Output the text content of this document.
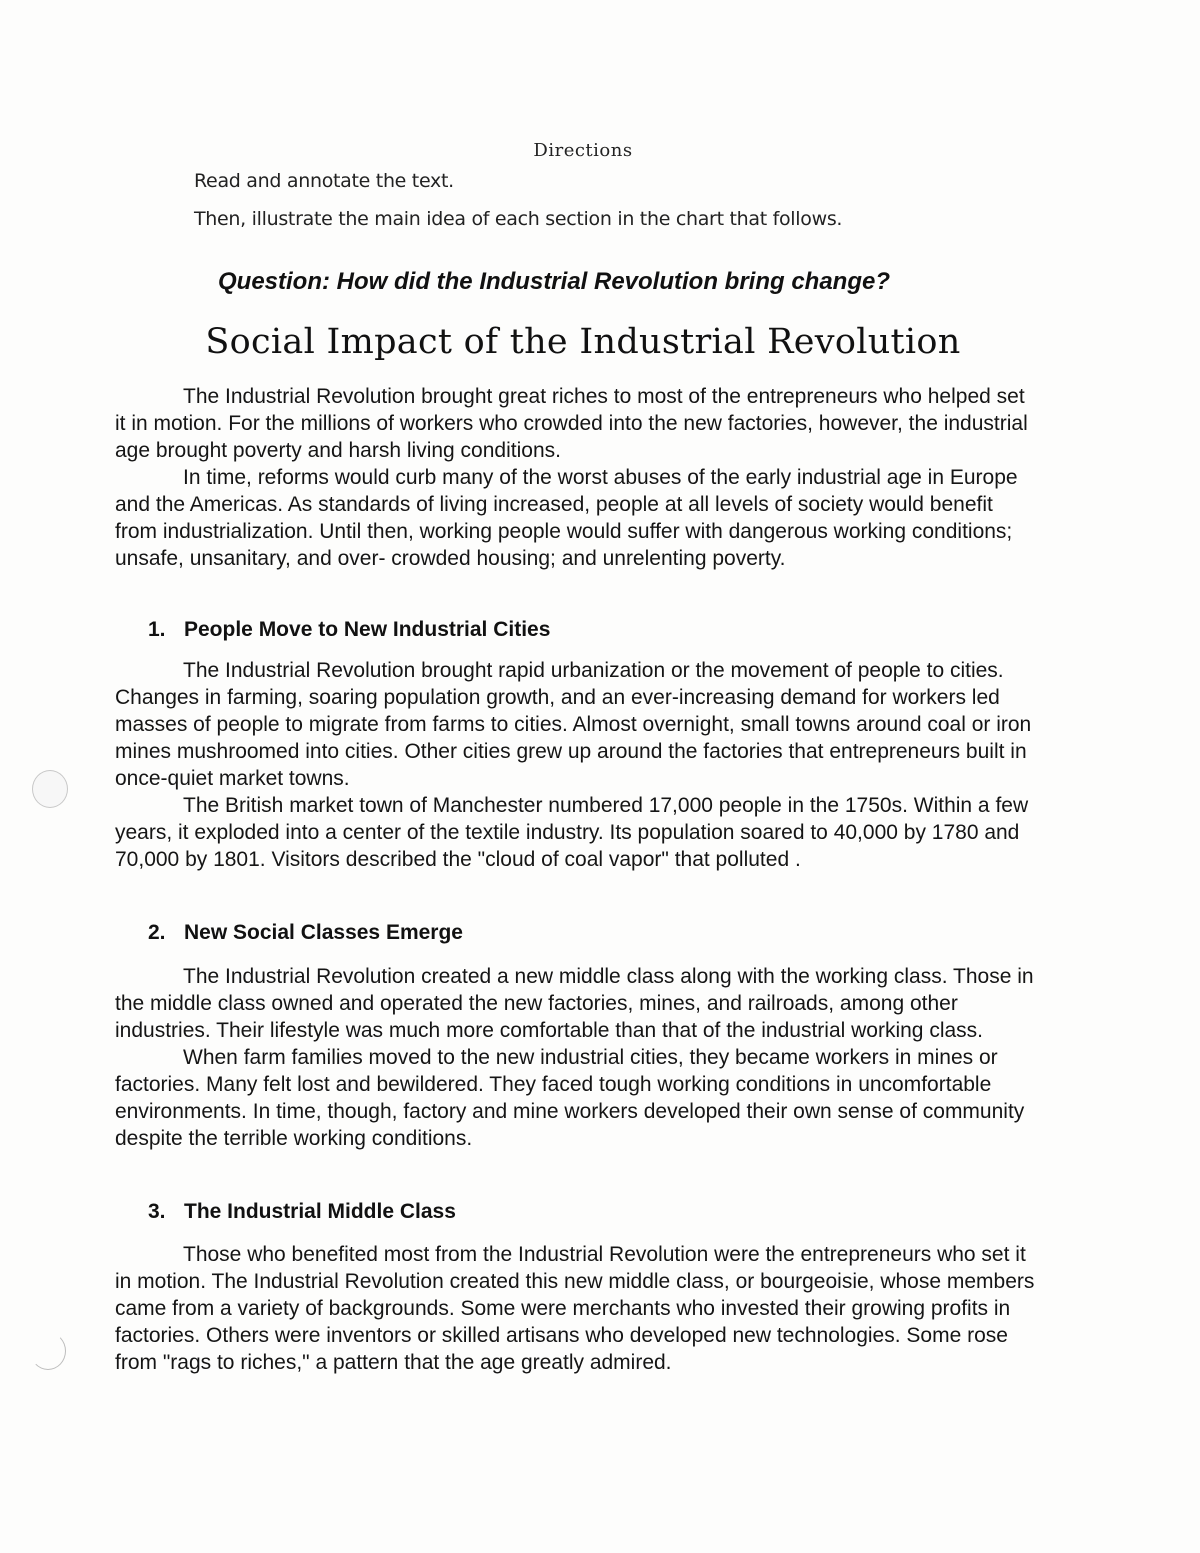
Directions
Read and annotate the text.
Then, illustrate the main idea of each section in the chart that follows.
Question: How did the Industrial Revolution bring change?
Social Impact of the Industrial Revolution

The Industrial Revolution brought great riches to most of the entrepreneurs who helped set it in motion. For the millions of workers who crowded into the new factories, however, the industrial age brought poverty and harsh living conditions.

In time, reforms would curb many of the worst abuses of the early industrial age in Europe and the Americas. As standards of living increased, people at all levels of society would benefit from industrialization. Until then, working people would suffer with dangerous working conditions; unsafe, unsanitary, and over- crowded housing; and unrelenting poverty.

1. People Move to New Industrial Cities

The Industrial Revolution brought rapid urbanization or the movement of people to cities. Changes in farming, soaring population growth, and an ever-increasing demand for workers led masses of people to migrate from farms to cities. Almost overnight, small towns around coal or iron mines mushroomed into cities. Other cities grew up around the factories that entrepreneurs built in once-quiet market towns.

The British market town of Manchester numbered 17,000 people in the 1750s. Within a few years, it exploded into a center of the textile industry. Its population soared to 40,000 by 1780 and 70,000 by 1801. Visitors described the "cloud of coal vapor" that polluted .

2. New Social Classes Emerge

The Industrial Revolution created a new middle class along with the working class. Those in the middle class owned and operated the new factories, mines, and railroads, among other industries. Their lifestyle was much more comfortable than that of the industrial working class.

When farm families moved to the new industrial cities, they became workers in mines or factories. Many felt lost and bewildered. They faced tough working conditions in uncomfortable environments. In time, though, factory and mine workers developed their own sense of community despite the terrible working conditions.

3. The Industrial Middle Class

Those who benefited most from the Industrial Revolution were the entrepreneurs who set it in motion. The Industrial Revolution created this new middle class, or bourgeoisie, whose members came from a variety of backgrounds. Some were merchants who invested their growing profits in factories. Others were inventors or skilled artisans who developed new technologies. Some rose from "rags to riches," a pattern that the age greatly admired.
